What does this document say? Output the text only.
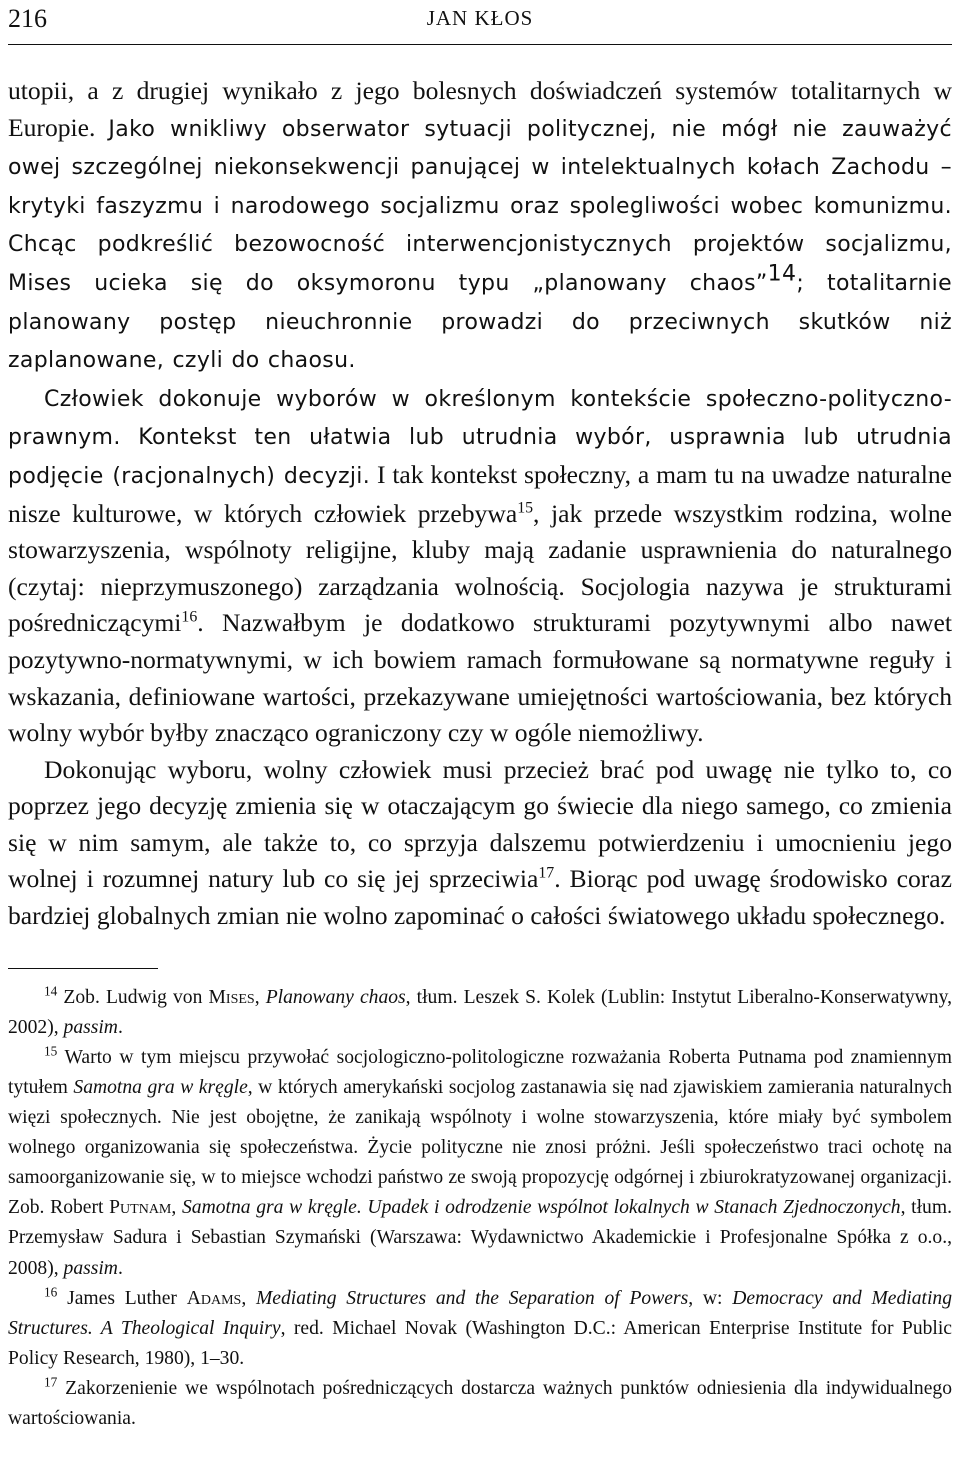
216	JAN KŁOS

utopii, a z drugiej wynikało z jego bolesnych doświadczeń systemów totalitarnych w Europie. Jako wnikliwy obserwator sytuacji politycznej, nie mógł nie zauważyć owej szczególnej niekonsekwencji panującej w intelektualnych kołach Zachodu – krytyki faszyzmu i narodowego socjalizmu oraz spolegliwości wobec komunizmu. Chcąc podkreślić bezowocność interwencjonistycznych projektów socjalizmu, Mises ucieka się do oksymoronu typu „planowany chaos”$^{14}$; totalitarnie planowany postęp nieuchronnie prowadzi do przeciwnych skutków niż zaplanowane, czyli do chaosu.

Człowiek dokonuje wyborów w określonym kontekście społeczno-polityczno-prawnym. Kontekst ten ułatwia lub utrudnia wybór, usprawnia lub utrudnia podjęcie (racjonalnych) decyzji. I tak kontekst społeczny, a mam tu na uwadze naturalne nisze kulturowe, w których człowiek przebywa$^{15}$, jak przede wszystkim rodzina, wolne stowarzyszenia, wspólnoty religijne, kluby mają zadanie usprawnienia do naturalnego (czytaj: nieprzymuszonego) zarządzania wolnością. Socjologia nazywa je strukturami pośredniczącymi$^{16}$. Nazwałbym je dodatkowo strukturami pozytywnymi albo nawet pozytywno-normatywnymi, w ich bowiem ramach formułowane są normatywne reguły i wskazania, definiowane wartości, przekazywane umiejętności wartościowania, bez których wolny wybór byłby znacząco ograniczony czy w ogóle niemożliwy.

Dokonując wyboru, wolny człowiek musi przecież brać pod uwagę nie tylko to, co poprzez jego decyzję zmienia się w otaczającym go świecie dla niego samego, co zmienia się w nim samym, ale także to, co sprzyja dalszemu potwierdzeniu i umocnieniu jego wolnej i rozumnej natury lub co się jej sprzeciwia$^{17}$. Biorąc pod uwagę środowisko coraz bardziej globalnych zmian nie wolno zapominać o całości światowego układu społecznego.

$^{14}$ Zob. Ludwig von Mises, Planowany chaos, tłum. Leszek S. Kolek (Lublin: Instytut Liberalno-Konserwatywny, 2002), passim.

$^{15}$ Warto w tym miejscu przywołać socjologiczno-politologiczne rozważania Roberta Putnama pod znamiennym tytułem Samotna gra w kręgle, w których amerykański socjolog zastanawia się nad zjawiskiem zamierania naturalnych więzi społecznych. Nie jest obojętne, że zanikają wspólnoty i wolne stowarzyszenia, które miały być symbolem wolnego organizowania się społeczeństwa. Życie polityczne nie znosi próżni. Jeśli społeczeństwo traci ochotę na samoorganizowanie się, w to miejsce wchodzi państwo ze swoją propozycję odgórnej i zbiurokratyzowanej organizacji. Zob. Robert Putnam, Samotna gra w kręgle. Upadek i odrodzenie wspólnot lokalnych w Stanach Zjednoczonych, tłum. Przemysław Sadura i Sebastian Szymański (Warszawa: Wydawnictwo Akademickie i Profesjonalne Spółka z o.o., 2008), passim.

$^{16}$ James Luther Adams, Mediating Structures and the Separation of Powers, w: Democracy and Mediating Structures. A Theological Inquiry, red. Michael Novak (Washington D.C.: American Enterprise Institute for Public Policy Research, 1980), 1–30.

$^{17}$ Zakorzenienie we wspólnotach pośredniczących dostarcza ważnych punktów odniesienia dla indywidualnego wartościowania.
